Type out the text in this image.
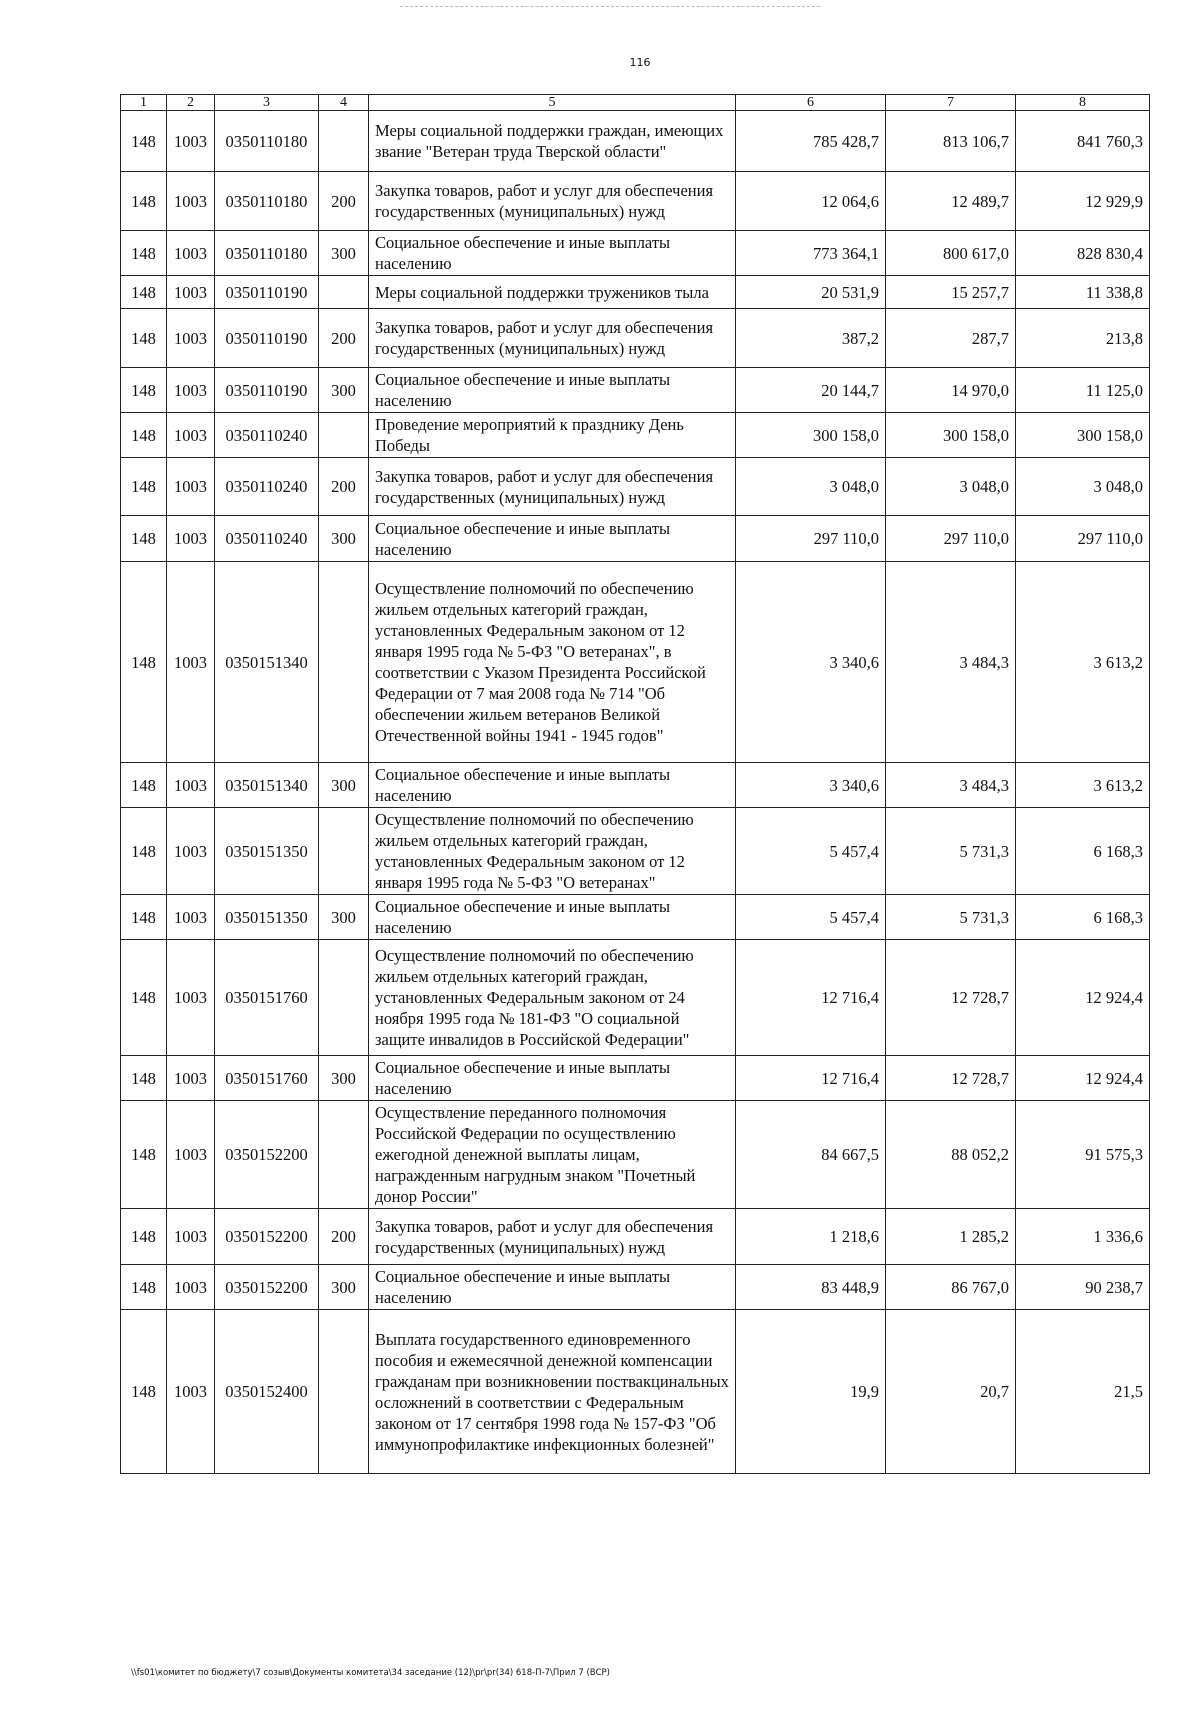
116
1	2	3	4	5	6	7	8
148	1003	0350110180		Меры социальной поддержки граждан, имеющих звание "Ветеран труда Тверской области"	785 428,7	813 106,7	841 760,3
148	1003	0350110180	200	Закупка товаров, работ и услуг для обеспечения государственных (муниципальных) нужд	12 064,6	12 489,7	12 929,9
148	1003	0350110180	300	Социальное обеспечение и иные выплаты населению	773 364,1	800 617,0	828 830,4
148	1003	0350110190		Меры социальной поддержки тружеников тыла	20 531,9	15 257,7	11 338,8
148	1003	0350110190	200	Закупка товаров, работ и услуг для обеспечения государственных (муниципальных) нужд	387,2	287,7	213,8
148	1003	0350110190	300	Социальное обеспечение и иные выплаты населению	20 144,7	14 970,0	11 125,0
148	1003	0350110240		Проведение мероприятий к празднику День Победы	300 158,0	300 158,0	300 158,0
148	1003	0350110240	200	Закупка товаров, работ и услуг для обеспечения государственных (муниципальных) нужд	3 048,0	3 048,0	3 048,0
148	1003	0350110240	300	Социальное обеспечение и иные выплаты населению	297 110,0	297 110,0	297 110,0
148	1003	0350151340		Осуществление полномочий по обеспечению жильем отдельных категорий граждан, установленных Федеральным законом от 12 января 1995 года № 5-ФЗ "О ветеранах", в соответствии с Указом Президента Российской Федерации от 7 мая 2008 года № 714 "Об обеспечении жильем ветеранов Великой Отечественной войны 1941 - 1945 годов"	3 340,6	3 484,3	3 613,2
148	1003	0350151340	300	Социальное обеспечение и иные выплаты населению	3 340,6	3 484,3	3 613,2
148	1003	0350151350		Осуществление полномочий по обеспечению жильем отдельных категорий граждан, установленных Федеральным законом от 12 января 1995 года № 5-ФЗ "О ветеранах"	5 457,4	5 731,3	6 168,3
148	1003	0350151350	300	Социальное обеспечение и иные выплаты населению	5 457,4	5 731,3	6 168,3
148	1003	0350151760		Осуществление полномочий по обеспечению жильем отдельных категорий граждан, установленных Федеральным законом от 24 ноября 1995 года № 181-ФЗ "О социальной защите инвалидов в Российской Федерации"	12 716,4	12 728,7	12 924,4
148	1003	0350151760	300	Социальное обеспечение и иные выплаты населению	12 716,4	12 728,7	12 924,4
148	1003	0350152200		Осуществление переданного полномочия Российской Федерации по осуществлению ежегодной денежной выплаты лицам, награжденным нагрудным знаком "Почетный донор России"	84 667,5	88 052,2	91 575,3
148	1003	0350152200	200	Закупка товаров, работ и услуг для обеспечения государственных (муниципальных) нужд	1 218,6	1 285,2	1 336,6
148	1003	0350152200	300	Социальное обеспечение и иные выплаты населению	83 448,9	86 767,0	90 238,7
148	1003	0350152400		Выплата государственного единовременного пособия и ежемесячной денежной компенсации гражданам при возникновении поствакцинальных осложнений в соответствии с Федеральным законом от 17 сентября 1998 года № 157-ФЗ "Об иммунопрофилактике инфекционных болезней"	19,9	20,7	21,5
\\fs01\комитет по бюджету\7 созыв\Документы комитета\34 заседание (12)\pr\pr(34) 618-П-7\Прил 7 (ВСР)
